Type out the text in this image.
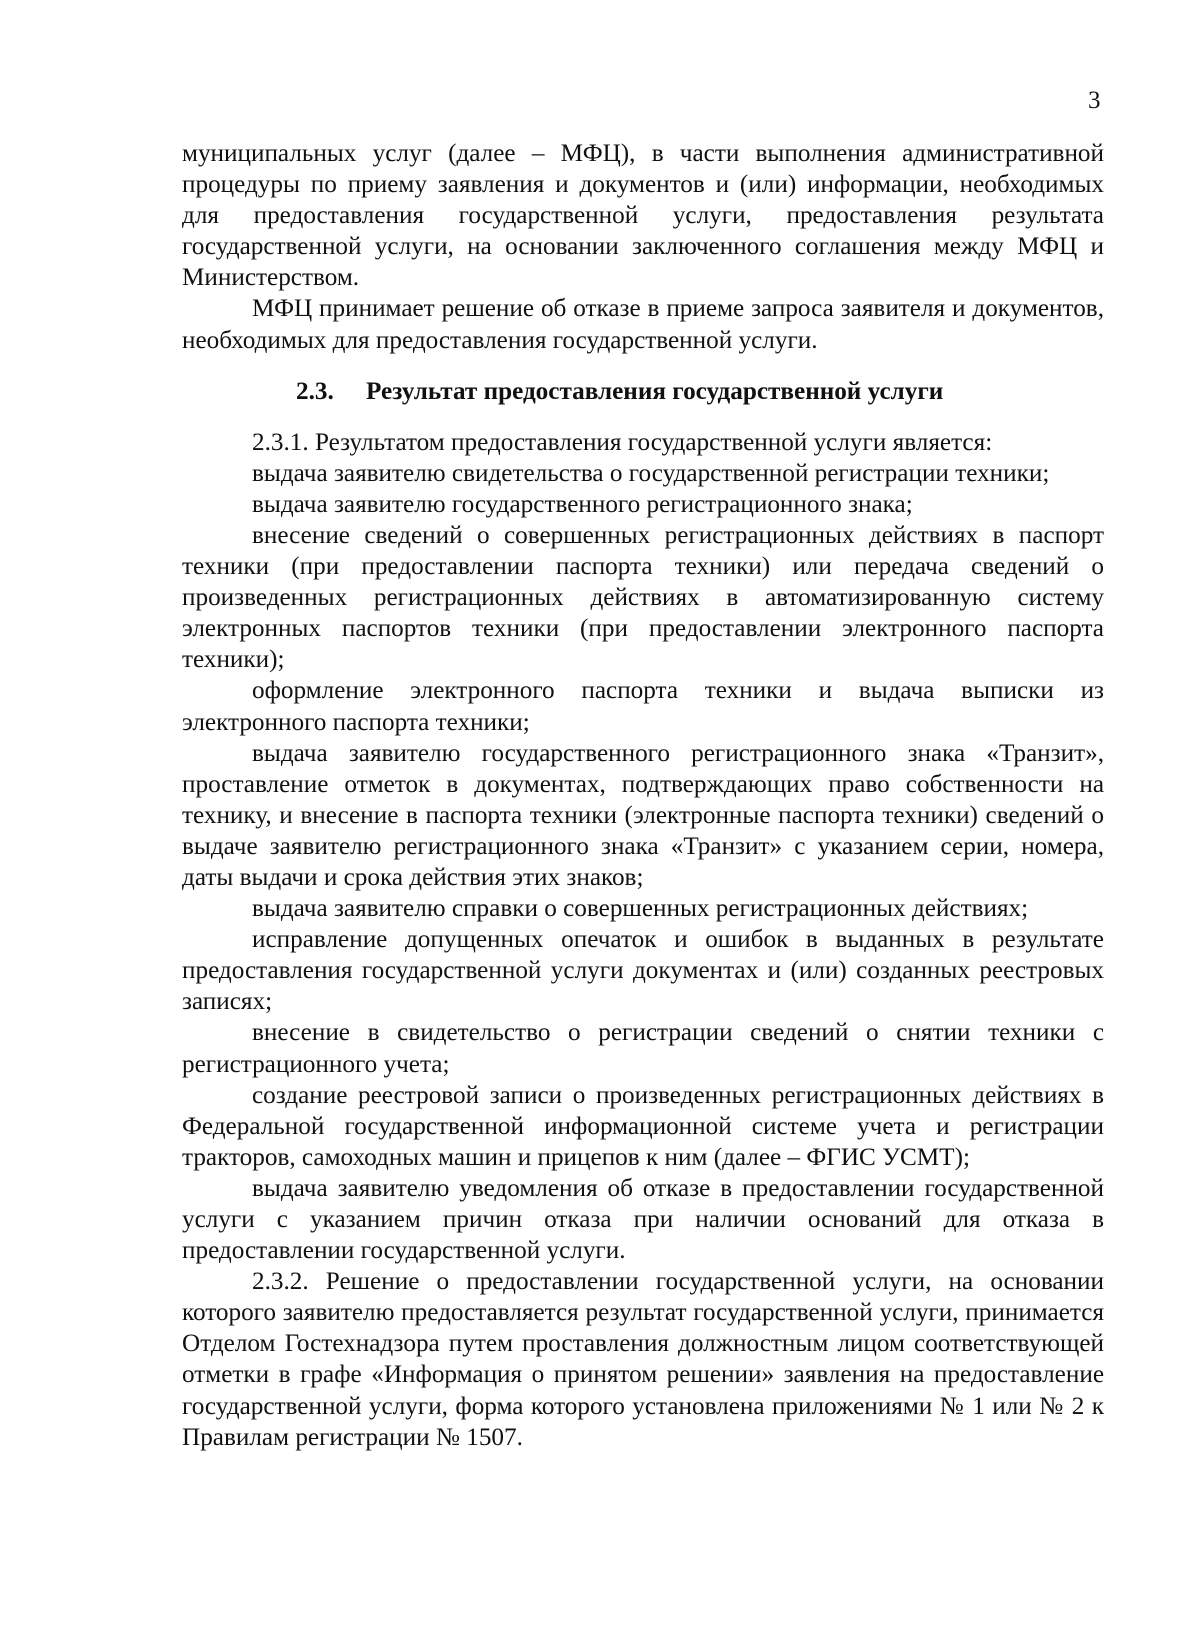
3

муниципальных услуг (далее – МФЦ), в части выполнения административной процедуры по приему заявления и документов и (или) информации, необходимых для предоставления государственной услуги, предоставления результата государственной услуги, на основании заключенного соглашения между МФЦ и Министерством.

МФЦ принимает решение об отказе в приеме запроса заявителя и документов, необходимых для предоставления государственной услуги.

2.3. Результат предоставления государственной услуги

2.3.1. Результатом предоставления государственной услуги является:

выдача заявителю свидетельства о государственной регистрации техники;

выдача заявителю государственного регистрационного знака;

внесение сведений о совершенных регистрационных действиях в паспорт техники (при предоставлении паспорта техники) или передача сведений о произведенных регистрационных действиях в автоматизированную систему электронных паспортов техники (при предоставлении электронного паспорта техники);

оформление электронного паспорта техники и выдача выписки из электронного паспорта техники;

выдача заявителю государственного регистрационного знака «Транзит», проставление отметок в документах, подтверждающих право собственности на технику, и внесение в паспорта техники (электронные паспорта техники) сведений о выдаче заявителю регистрационного знака «Транзит» с указанием серии, номера, даты выдачи и срока действия этих знаков;

выдача заявителю справки о совершенных регистрационных действиях;

исправление допущенных опечаток и ошибок в выданных в результате предоставления государственной услуги документах и (или) созданных реестровых записях;

внесение в свидетельство о регистрации сведений о снятии техники с регистрационного учета;

создание реестровой записи о произведенных регистрационных действиях в Федеральной государственной информационной системе учета и регистрации тракторов, самоходных машин и прицепов к ним (далее – ФГИС УСМТ);

выдача заявителю уведомления об отказе в предоставлении государственной услуги с указанием причин отказа при наличии оснований для отказа в предоставлении государственной услуги.

2.3.2. Решение о предоставлении государственной услуги, на основании которого заявителю предоставляется результат государственной услуги, принимается Отделом Гостехнадзора путем проставления должностным лицом соответствующей отметки в графе «Информация о принятом решении» заявления на предоставление государственной услуги, форма которого установлена приложениями № 1 или № 2 к Правилам регистрации № 1507.
